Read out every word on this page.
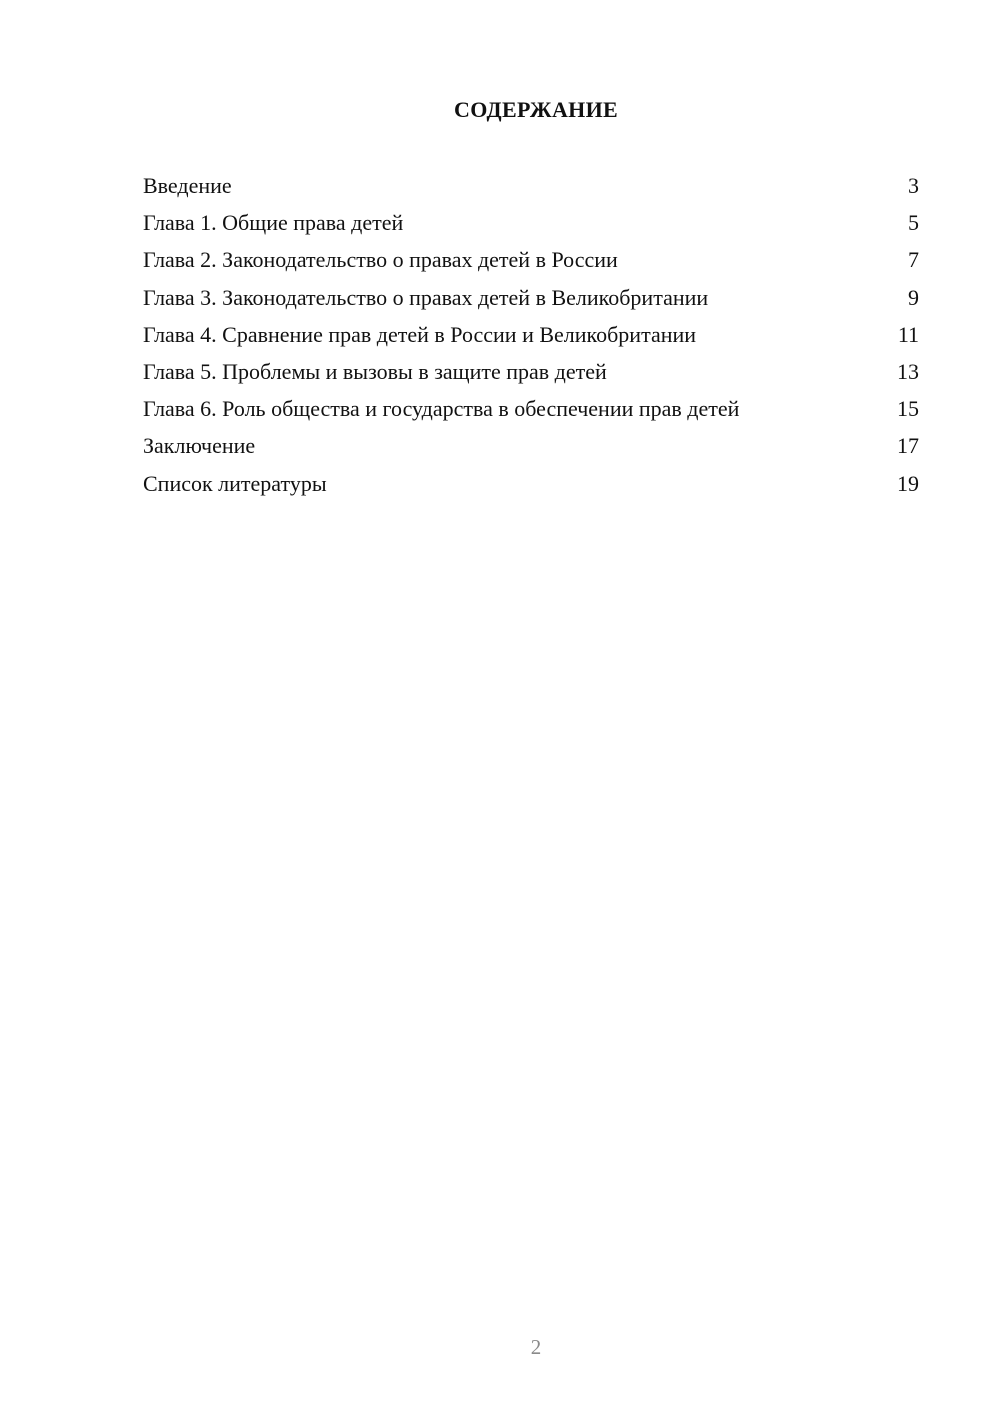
СОДЕРЖАНИЕ
Введение	3
Глава 1. Общие права детей	5
Глава 2. Законодательство о правах детей в России	7
Глава 3. Законодательство о правах детей в Великобритании	9
Глава 4. Сравнение прав детей в России и Великобритании	11
Глава 5. Проблемы и вызовы в защите прав детей	13
Глава 6. Роль общества и государства в обеспечении прав детей	15
Заключение	17
Список литературы	19
2
